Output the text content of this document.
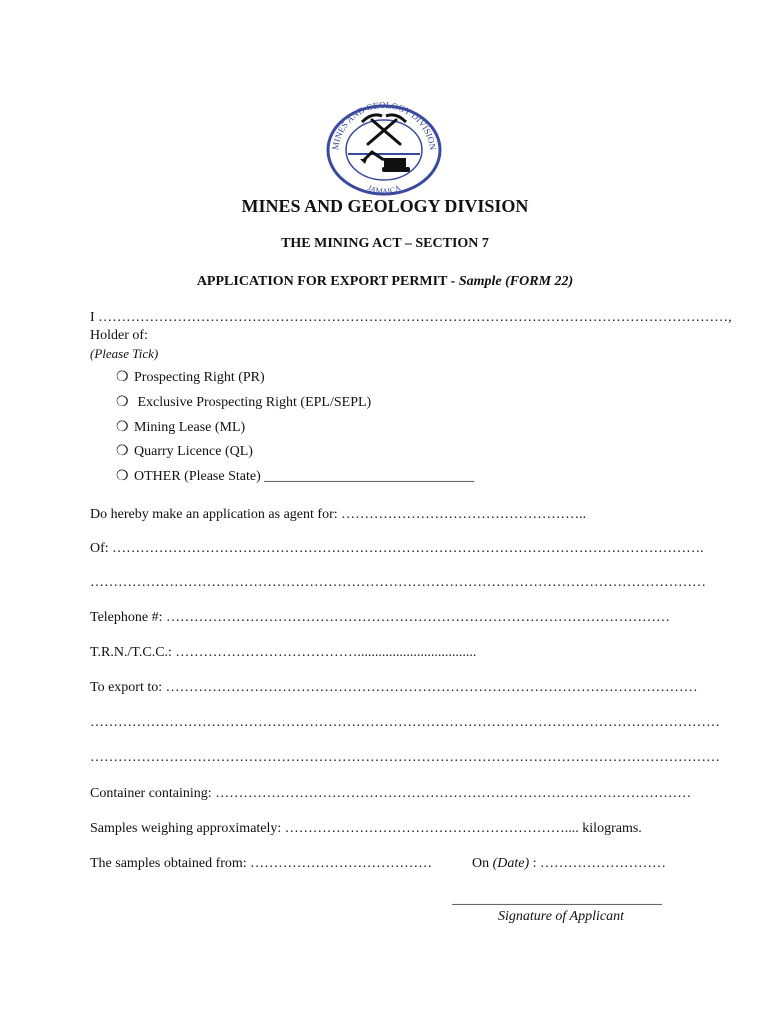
MINES AND GEOLOGY DIVISION
JAMAICA
MINES AND GEOLOGY DIVISION
THE MINING ACT – SECTION 7
APPLICATION FOR EXPORT PERMIT - Sample (FORM 22)
I ………………………………………………………………………………………………………………………,
Holder of:
(Please Tick)
❍ Prospecting Right (PR)
❍ Exclusive Prospecting Right (EPL/SEPL)
❍ Mining Lease (ML)
❍ Quarry Licence (QL)
❍ OTHER (Please State) ______________________________
Do hereby make an application as agent for: ……………………………………………..
Of: ……………………………………………………………………………………………………………….
……………………………………………………………………………………………………………………
Telephone #: ………………………………………………………………………………………………
T.R.N./T.C.C.: …………………………………..................................
To export to: ……………………………………………………………………………………………………
………………………………………………………………………………………………………………………
………………………………………………………………………………………………………………………
Container containing: …………………………………………………………………………………………
Samples weighing approximately: …………………………………………………….... kilograms.
The samples obtained from: …………………………………	On (Date) : ………………………
______________________________
Signature of Applicant
